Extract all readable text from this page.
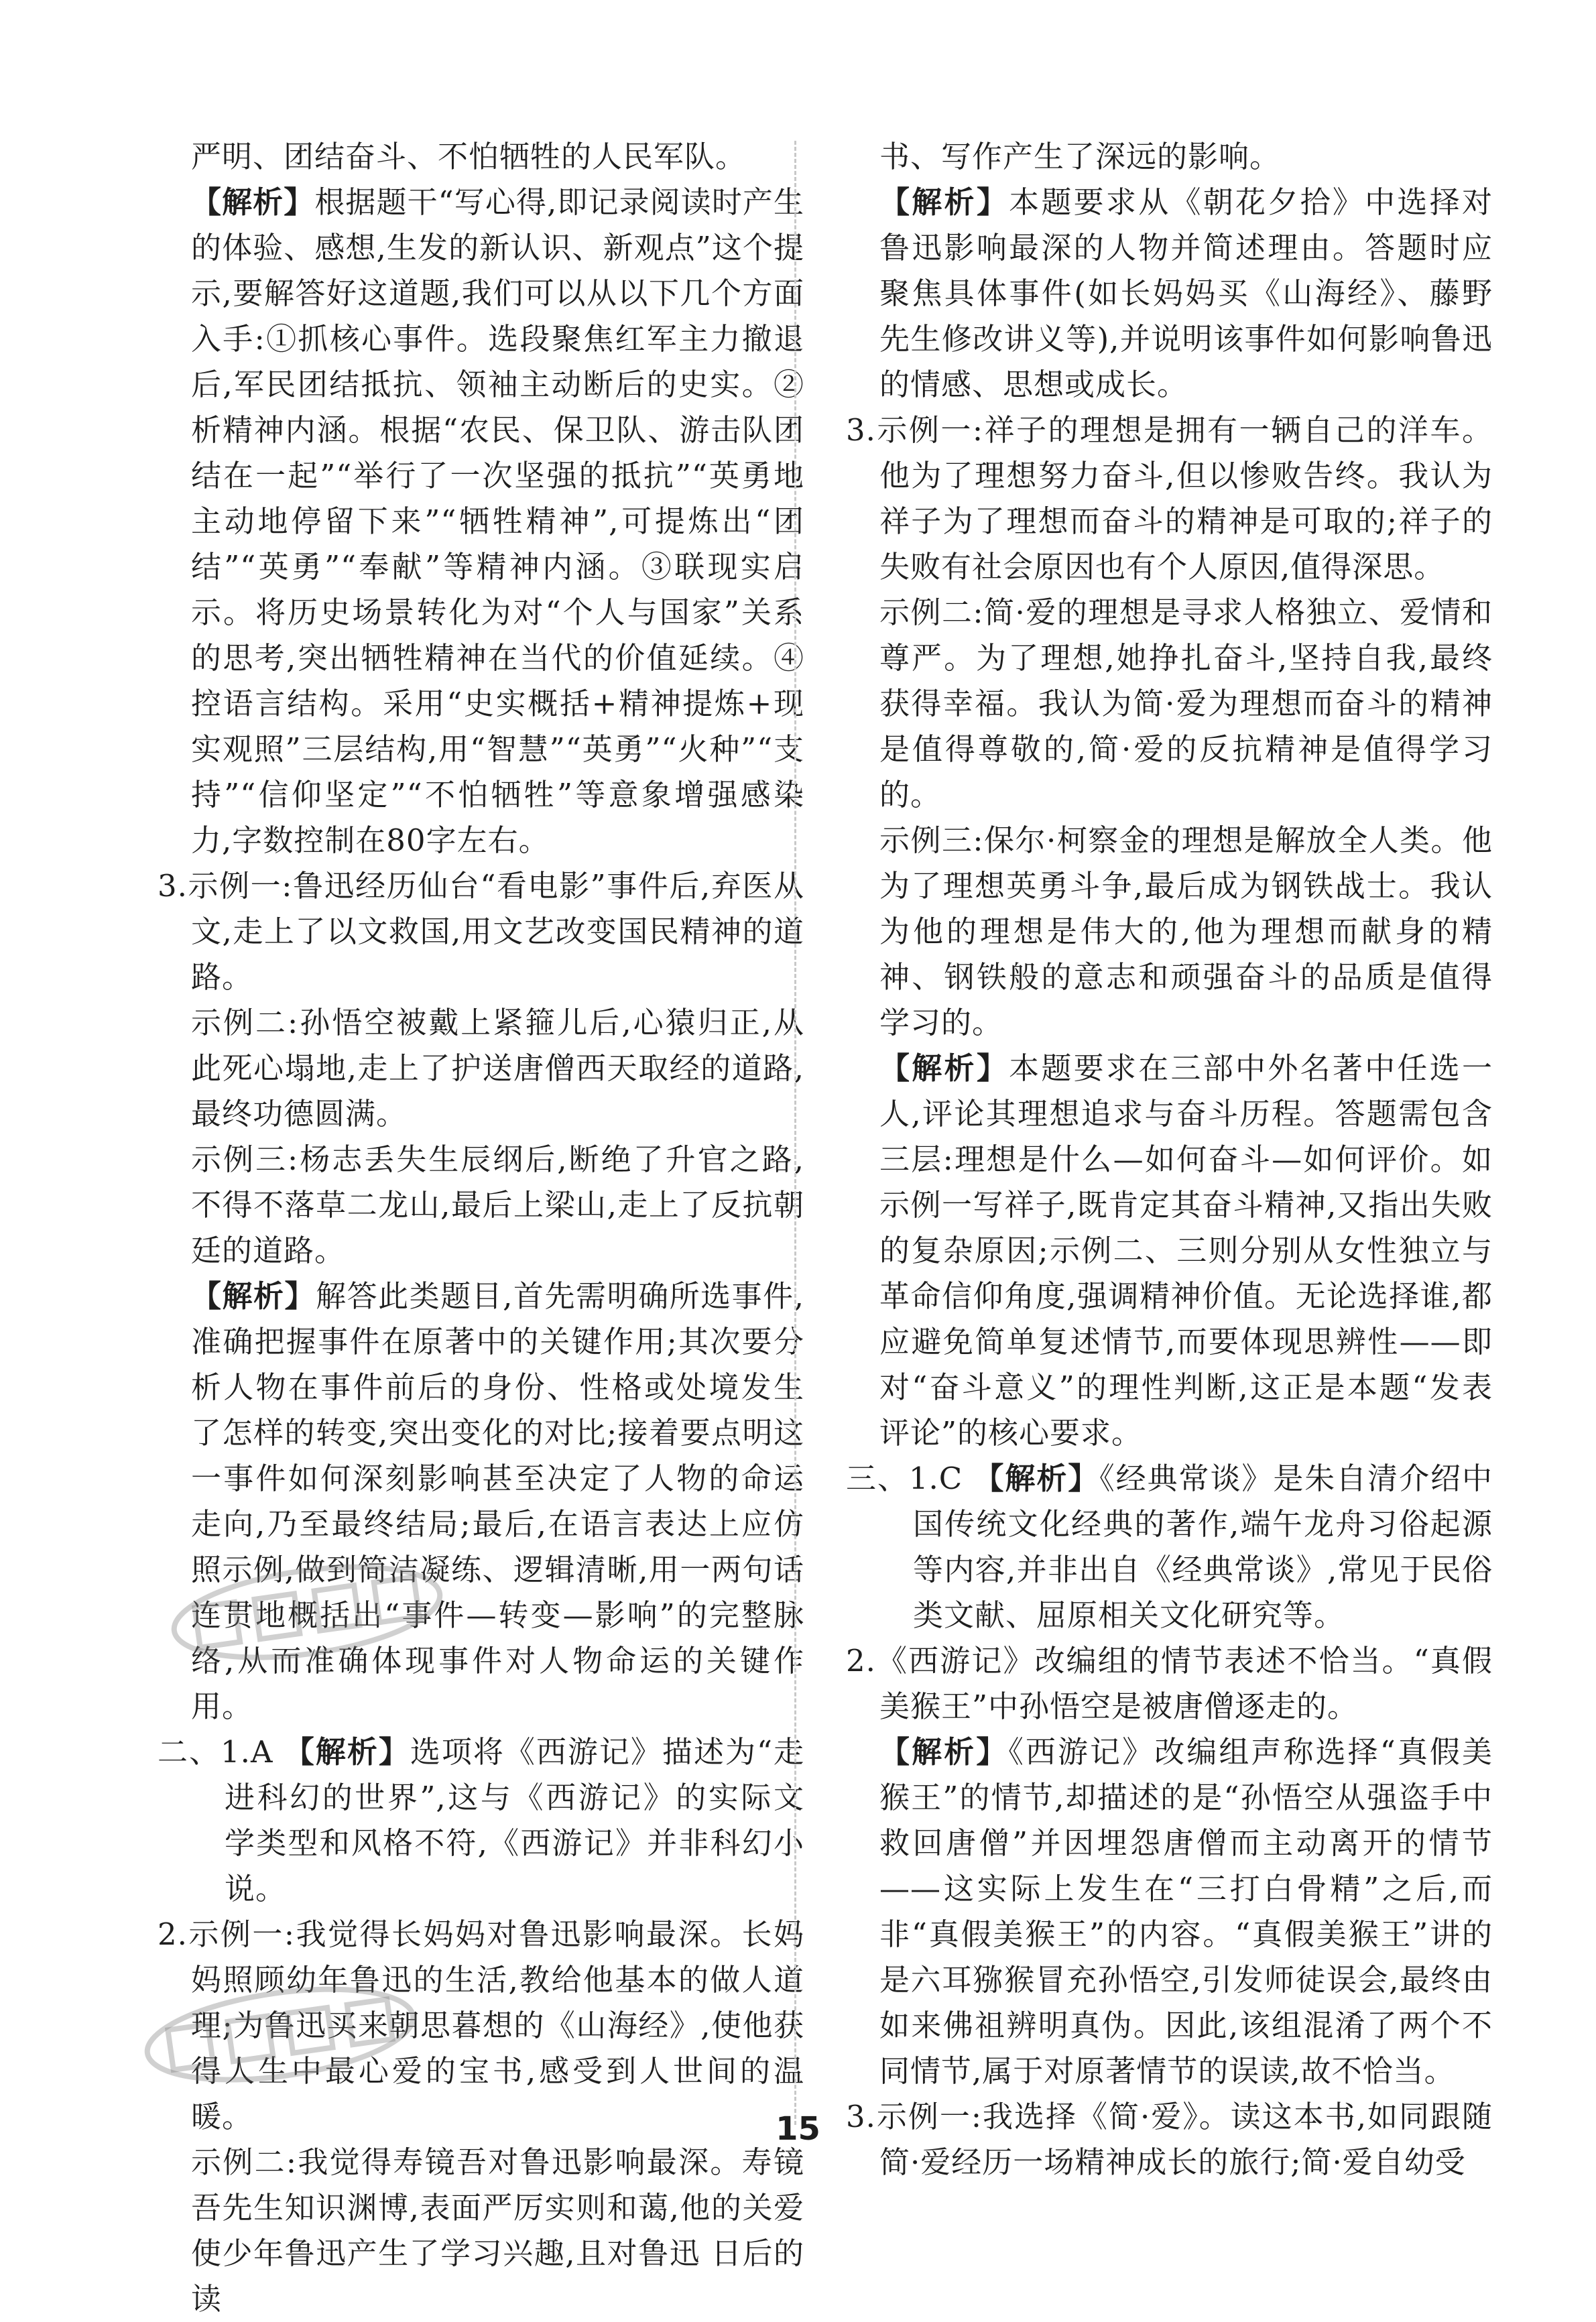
严明、团结奋斗、不怕牺牲的人民军队。

【解析】根据题干“写心得,即记录阅读时产生的体验、感想,生发的新认识、新观点”这个提示,要解答好这道题,我们可以从以下几个方面入手:①抓核心事件。选段聚焦红军主力撤退后,军民团结抵抗、领袖主动断后的史实。②析精神内涵。根据“农民、保卫队、游击队团结在一起”“举行了一次坚强的抵抗”“英勇地主动地停留下来”“牺牲精神”,可提炼出“团结”“英勇”“奉献”等精神内涵。③联现实启示。将历史场景转化为对“个人与国家”关系的思考,突出牺牲精神在当代的价值延续。④控语言结构。采用“史实概括+精神提炼+现实观照”三层结构,用“智慧”“英勇”“火种”“支持”“信仰坚定”“不怕牺牲”等意象增强感染力,字数控制在80字左右。

3.示例一:鲁迅经历仙台“看电影”事件后,弃医从文,走上了以文救国,用文艺改变国民精神的道路。

示例二:孙悟空被戴上紧箍儿后,心猿归正,从此死心塌地,走上了护送唐僧西天取经的道路,最终功德圆满。

示例三:杨志丢失生辰纲后,断绝了升官之路,不得不落草二龙山,最后上梁山,走上了反抗朝廷的道路。

【解析】解答此类题目,首先需明确所选事件,准确把握事件在原著中的关键作用;其次要分析人物在事件前后的身份、性格或处境发生了怎样的转变,突出变化的对比;接着要点明这一事件如何深刻影响甚至决定了人物的命运走向,乃至最终结局;最后,在语言表达上应仿照示例,做到简洁凝练、逻辑清晰,用一两句话连贯地概括出“事件—转变—影响”的完整脉络,从而准确体现事件对人物命运的关键作用。

二、1.A 【解析】选项将《西游记》描述为“走进科幻的世界”,这与《西游记》的实际文学类型和风格不符,《西游记》并非科幻小说。

2.示例一:我觉得长妈妈对鲁迅影响最深。长妈妈照顾幼年鲁迅的生活,教给他基本的做人道理;为鲁迅买来朝思暮想的《山海经》,使他获得人生中最心爱的宝书,感受到人世间的温暖。

示例二:我觉得寿镜吾对鲁迅影响最深。寿镜吾先生知识渊博,表面严厉实则和蔼,他的关爱使少年鲁迅产生了学习兴趣,且对鲁迅 日后的读

书、写作产生了深远的影响。

【解析】本题要求从《朝花夕拾》中选择对鲁迅影响最深的人物并简述理由。答题时应聚焦具体事件(如长妈妈买《山海经》、藤野先生修改讲义等),并说明该事件如何影响鲁迅的情感、思想或成长。

3.示例一:祥子的理想是拥有一辆自己的洋车。他为了理想努力奋斗,但以惨败告终。我认为祥子为了理想而奋斗的精神是可取的;祥子的失败有社会原因也有个人原因,值得深思。

示例二:简·爱的理想是寻求人格独立、爱情和尊严。为了理想,她挣扎奋斗,坚持自我,最终获得幸福。我认为简·爱为理想而奋斗的精神是值得尊敬的,简·爱的反抗精神是值得学习的。

示例三:保尔·柯察金的理想是解放全人类。他为了理想英勇斗争,最后成为钢铁战士。我认为他的理想是伟大的,他为理想而献身的精神、钢铁般的意志和顽强奋斗的品质是值得学习的。

【解析】本题要求在三部中外名著中任选一人,评论其理想追求与奋斗历程。答题需包含三层:理想是什么—如何奋斗—如何评价。如示例一写祥子,既肯定其奋斗精神,又指出失败的复杂原因;示例二、三则分别从女性独立与革命信仰角度,强调精神价值。无论选择谁,都应避免简单复述情节,而要体现思辨性——即对“奋斗意义”的理性判断,这正是本题“发表评论”的核心要求。

三、1.C 【解析】《经典常谈》是朱自清介绍中国传统文化经典的著作,端午龙舟习俗起源等内容,并非出自《经典常谈》,常见于民俗类文献、屈原相关文化研究等。

2.《西游记》改编组的情节表述不恰当。“真假美猴王”中孙悟空是被唐僧逐走的。

【解析】《西游记》改编组声称选择“真假美猴王”的情节,却描述的是“孙悟空从强盗手中救回唐僧”并因埋怨唐僧而主动离开的情节——这实际上发生在“三打白骨精”之后,而非“真假美猴王”的内容。“真假美猴王”讲的是六耳猕猴冒充孙悟空,引发师徒误会,最终由如来佛祖辨明真伪。因此,该组混淆了两个不同情节,属于对原著情节的误读,故不恰当。

3.示例一:我选择《简·爱》。读这本书,如同跟随简·爱经历一场精神成长的旅行;简·爱自幼受

15
